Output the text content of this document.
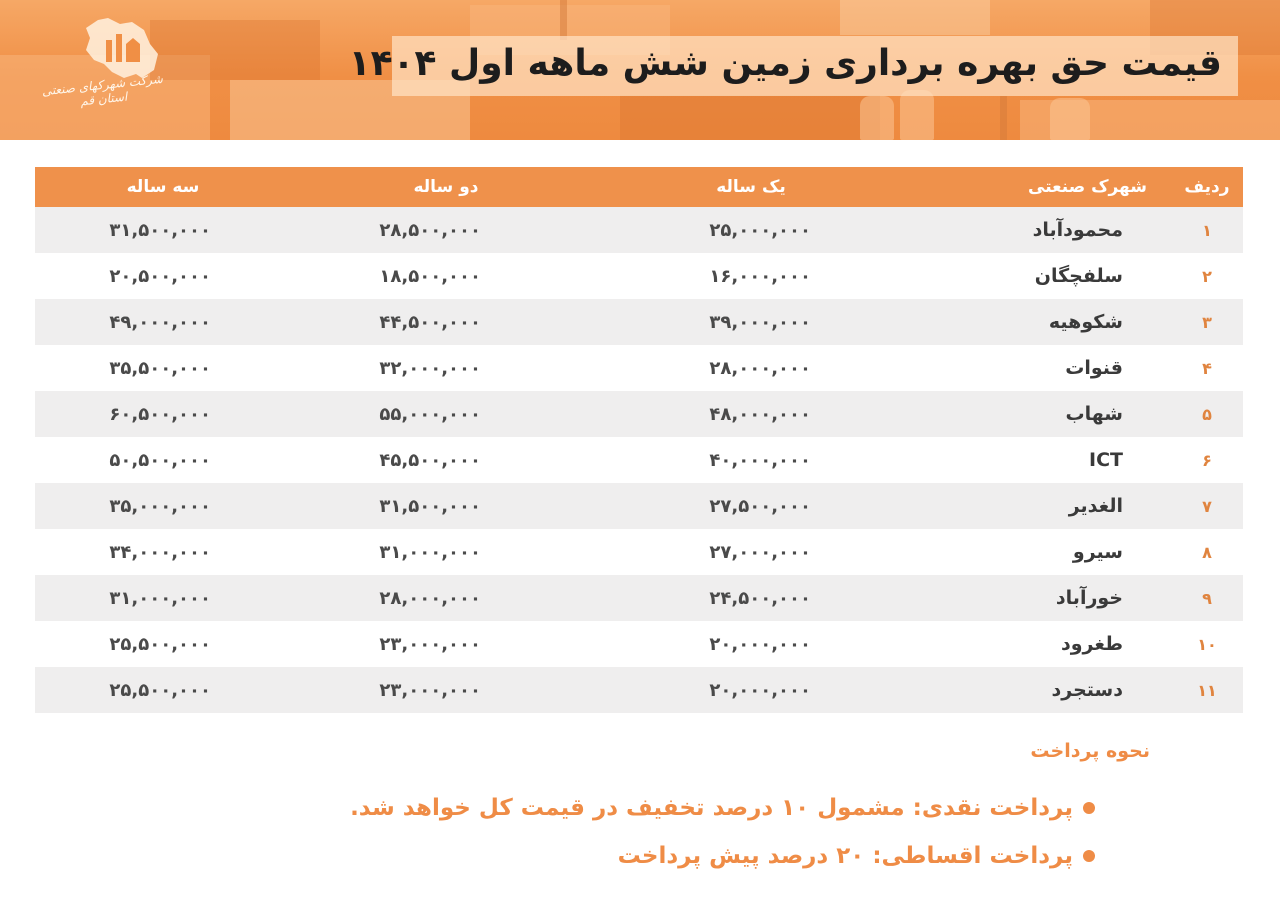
قیمت حق بهره برداری زمین شش ماهه اول ۱۴۰۴
شرکت شهرکهای صنعتی استان قم
ردیف	شهرک صنعتی	یک ساله	دو ساله	سه ساله
۱	محمودآباد	۲۵,۰۰۰,۰۰۰	۲۸,۵۰۰,۰۰۰	۳۱,۵۰۰,۰۰۰
۲	سلفچگان	۱۶,۰۰۰,۰۰۰	۱۸,۵۰۰,۰۰۰	۲۰,۵۰۰,۰۰۰
۳	شکوهیه	۳۹,۰۰۰,۰۰۰	۴۴,۵۰۰,۰۰۰	۴۹,۰۰۰,۰۰۰
۴	قنوات	۲۸,۰۰۰,۰۰۰	۳۲,۰۰۰,۰۰۰	۳۵,۵۰۰,۰۰۰
۵	شهاب	۴۸,۰۰۰,۰۰۰	۵۵,۰۰۰,۰۰۰	۶۰,۵۰۰,۰۰۰
۶	ICT	۴۰,۰۰۰,۰۰۰	۴۵,۵۰۰,۰۰۰	۵۰,۵۰۰,۰۰۰
۷	الغدیر	۲۷,۵۰۰,۰۰۰	۳۱,۵۰۰,۰۰۰	۳۵,۰۰۰,۰۰۰
۸	سیرو	۲۷,۰۰۰,۰۰۰	۳۱,۰۰۰,۰۰۰	۳۴,۰۰۰,۰۰۰
۹	خورآباد	۲۴,۵۰۰,۰۰۰	۲۸,۰۰۰,۰۰۰	۳۱,۰۰۰,۰۰۰
۱۰	طغرود	۲۰,۰۰۰,۰۰۰	۲۳,۰۰۰,۰۰۰	۲۵,۵۰۰,۰۰۰
۱۱	دستجرد	۲۰,۰۰۰,۰۰۰	۲۳,۰۰۰,۰۰۰	۲۵,۵۰۰,۰۰۰
نحوه پرداخت
پرداخت نقدی: مشمول ۱۰ درصد تخفیف در قیمت کل خواهد شد.
پرداخت اقساطی: ۲۰ درصد پیش پرداخت
